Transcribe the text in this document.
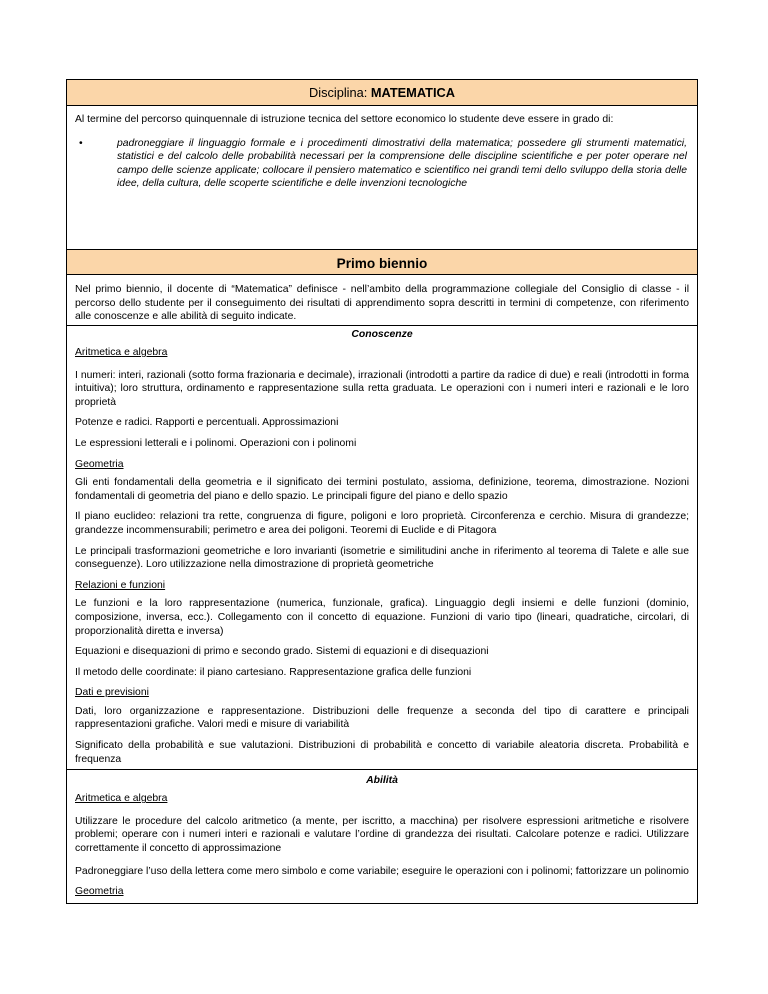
Disciplina: MATEMATICA

Al termine del percorso quinquennale di istruzione tecnica del settore economico lo studente deve essere in grado di:

•	padroneggiare il linguaggio formale e i procedimenti dimostrativi della matematica; possedere gli strumenti matematici, statistici e del calcolo delle probabilità necessari per la comprensione delle discipline scientifiche e per poter operare nel campo delle scienze applicate; collocare il pensiero matematico e scientifico nei grandi temi dello sviluppo della storia delle idee, della cultura, delle scoperte scientifiche e delle invenzioni tecnologiche
Primo biennio
Nel primo biennio, il docente di “Matematica” definisce - nell’ambito della programmazione collegiale del Consiglio di classe - il percorso dello studente per il conseguimento dei risultati di apprendimento sopra descritti in termini di competenze, con riferimento alle conoscenze e alle abilità di seguito indicate.
Conoscenze
Aritmetica e algebra

I numeri: interi, razionali (sotto forma frazionaria e decimale), irrazionali (introdotti a partire da radice di due) e reali (introdotti in forma intuitiva); loro struttura, ordinamento e rappresentazione sulla retta graduata. Le operazioni con i numeri interi e razionali e le loro proprietà

Potenze e radici. Rapporti e percentuali. Approssimazioni

Le espressioni letterali e i polinomi. Operazioni con i polinomi

Geometria

Gli enti fondamentali della geometria e il significato dei termini postulato, assioma, definizione, teorema, dimostrazione. Nozioni fondamentali di geometria del piano e dello spazio. Le principali figure del piano e dello spazio

Il piano euclideo: relazioni tra rette, congruenza di figure, poligoni e loro proprietà. Circonferenza e cerchio. Misura di grandezze; grandezze incommensurabili; perimetro e area dei poligoni. Teoremi di Euclide e di Pitagora

Le principali trasformazioni geometriche e loro invarianti (isometrie e similitudini anche in riferimento al teorema di Talete e alle sue conseguenze). Loro utilizzazione nella dimostrazione di proprietà geometriche

Relazioni e funzioni

Le funzioni e la loro rappresentazione (numerica, funzionale, grafica). Linguaggio degli insiemi e delle funzioni (dominio, composizione, inversa, ecc.). Collegamento con il concetto di equazione. Funzioni di vario tipo (lineari, quadratiche, circolari, di proporzionalità diretta e inversa)

Equazioni e disequazioni di primo e secondo grado. Sistemi di equazioni e di disequazioni

Il metodo delle coordinate: il piano cartesiano. Rappresentazione grafica delle funzioni

Dati e previsioni

Dati, loro organizzazione e rappresentazione. Distribuzioni delle frequenze a seconda del tipo di carattere e principali rappresentazioni grafiche. Valori medi e misure di variabilità

Significato della probabilità e sue valutazioni. Distribuzioni di probabilità e concetto di variabile aleatoria discreta. Probabilità e frequenza

Abilità
Aritmetica e algebra

Utilizzare le procedure del calcolo aritmetico (a mente, per iscritto, a macchina) per risolvere espressioni aritmetiche e risolvere problemi; operare con i numeri interi e razionali e valutare l’ordine di grandezza dei risultati. Calcolare potenze e radici. Utilizzare correttamente il concetto di approssimazione

Padroneggiare l’uso della lettera come mero simbolo e come variabile; eseguire le operazioni con i polinomi; fattorizzare un polinomio

Geometria
